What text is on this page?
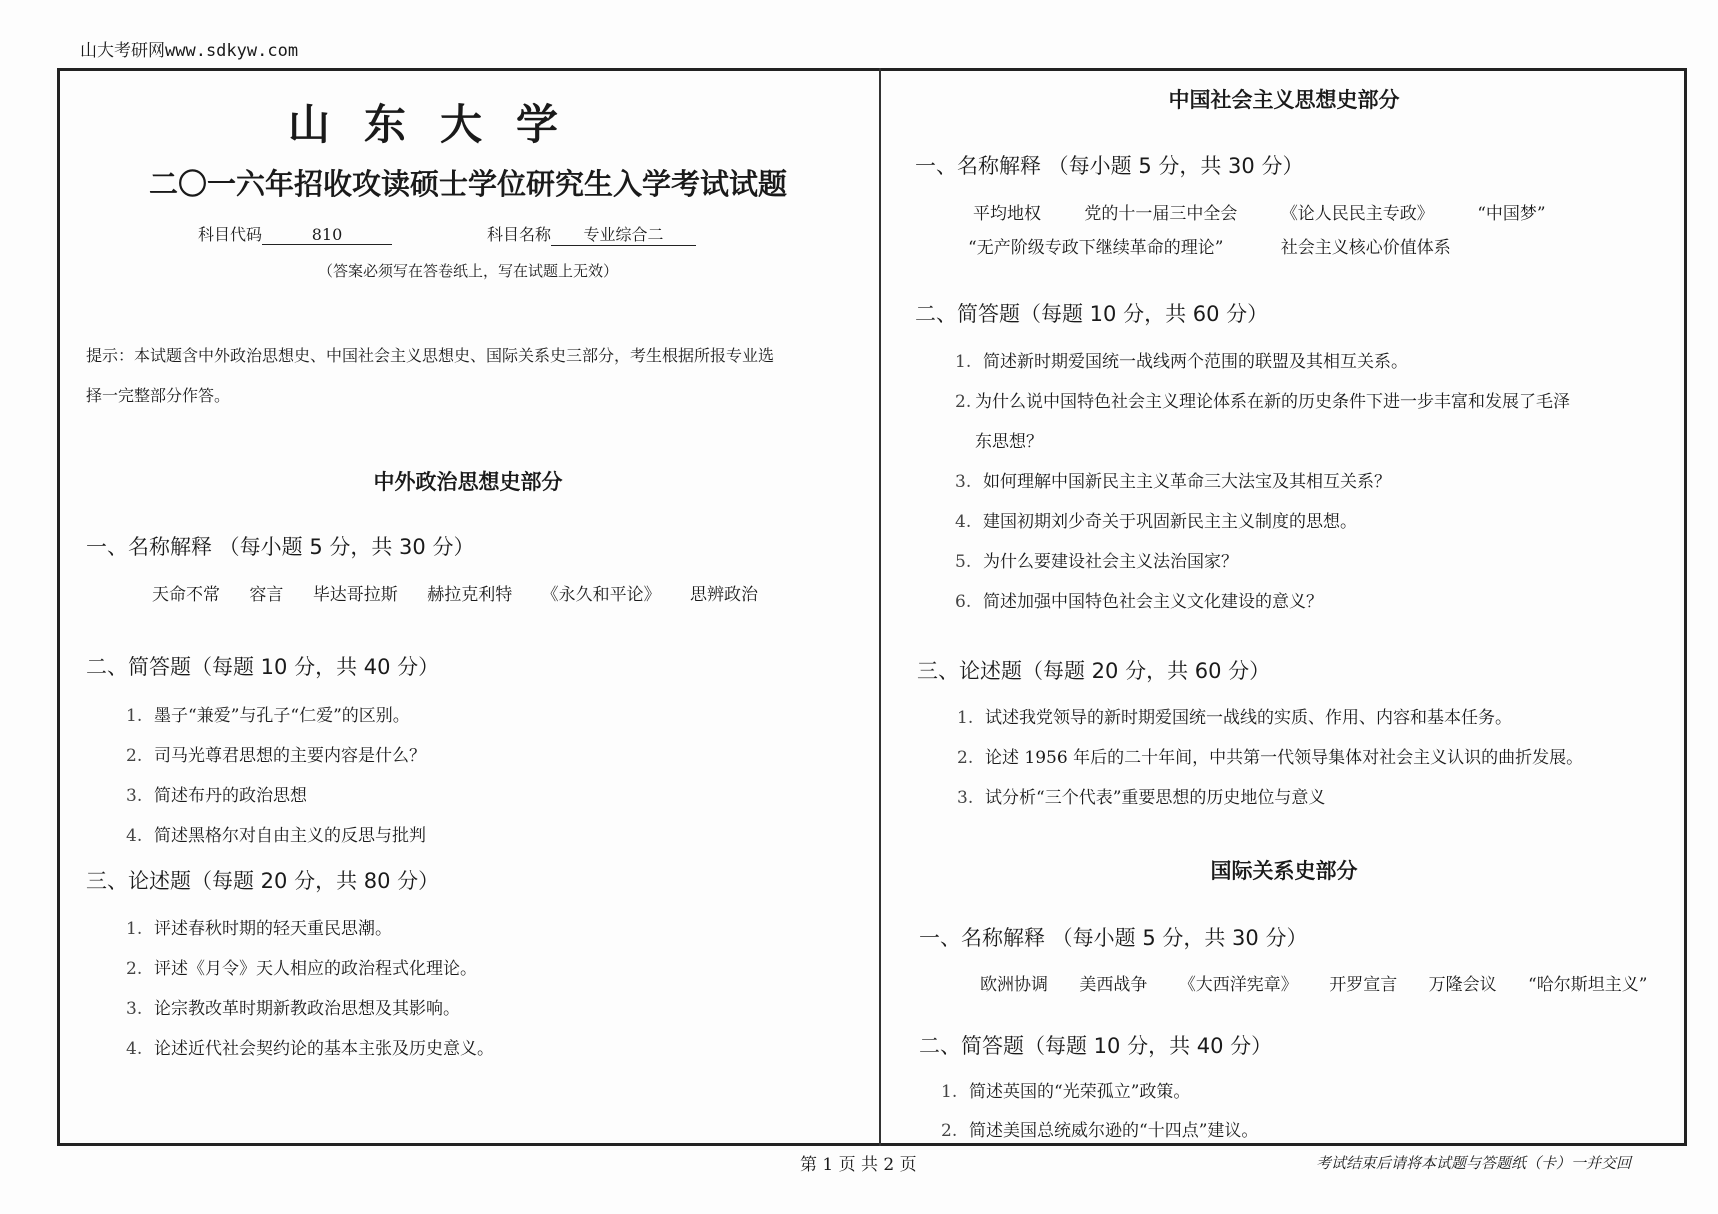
山大考研网www.sdkyw.com
山东大学
二〇一六年招收攻读硕士学位研究生入学考试试题
科目代码	810	科目名称 专业综合二
（答案必须写在答卷纸上，写在试题上无效）
提示：本试题含中外政治思想史、中国社会主义思想史、国际关系史三部分，考生根据所报专业选
择一完整部分作答。
中外政治思想史部分
一、名称解释 （每小题 5 分，共 30 分）
天命不常 容言 毕达哥拉斯 赫拉克利特 《永久和平论》 思辨政治
二、简答题（每题 10 分，共 40 分）
1. 墨子“兼爱”与孔子“仁爱”的区别。
2. 司马光尊君思想的主要内容是什么？
3. 简述布丹的政治思想
4. 简述黑格尔对自由主义的反思与批判
三、论述题（每题 20 分，共 80 分）
1. 评述春秋时期的轻天重民思潮。
2. 评述《月令》天人相应的政治程式化理论。
3. 论宗教改革时期新教政治思想及其影响。
4. 论述近代社会契约论的基本主张及历史意义。
中国社会主义思想史部分
一、名称解释 （每小题 5 分，共 30 分）
平均地权	党的十一届三中全会	《论人民民主专政》	“中国梦”
“无产阶级专政下继续革命的理论”	社会主义核心价值体系
二、简答题（每题 10 分，共 60 分）
1. 简述新时期爱国统一战线两个范围的联盟及其相互关系。
2. 为什么说中国特色社会主义理论体系在新的历史条件下进一步丰富和发展了毛泽
东思想？
3. 如何理解中国新民主主义革命三大法宝及其相互关系？
4. 建国初期刘少奇关于巩固新民主主义制度的思想。
5. 为什么要建设社会主义法治国家？
6. 简述加强中国特色社会主义文化建设的意义？
三、论述题（每题 20 分，共 60 分）
1. 试述我党领导的新时期爱国统一战线的实质、作用、内容和基本任务。
2. 论述 1956 年后的二十年间，中共第一代领导集体对社会主义认识的曲折发展。
3. 试分析“三个代表”重要思想的历史地位与意义
国际关系史部分
一、名称解释 （每小题 5 分，共 30 分）
欧洲协调 美西战争 《大西洋宪章》 开罗宣言 万隆会议 “哈尔斯坦主义”
二、简答题（每题 10 分，共 40 分）
1. 简述英国的“光荣孤立”政策。
2. 简述美国总统威尔逊的“十四点”建议。
第 1 页 共 2 页	考试结束后请将本试题与答题纸（卡）一并交回
